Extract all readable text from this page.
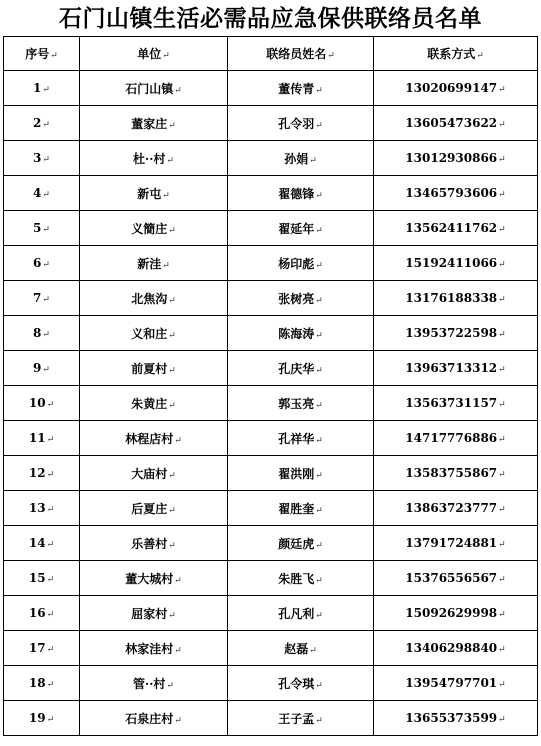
石门山镇生活必需品应急保供联络员名单
序号↵	单位↵	联络员姓名↵	联系方式↵
1↵	石门山镇↵	董传青↵	13020699147↵
2↵	董家庄↵	孔令羽↵	13605473622↵
3↵	杜··村↵	孙娟↵	13012930866↵
4↵	新屯↵	翟德锋↵	13465793606↵
5↵	义簡庄↵	翟延年↵	13562411762↵
6↵	新洼↵	杨印彪↵	15192411066↵
7↵	北焦沟↵	张树亮↵	13176188338↵
8↵	义和庄↵	陈海涛↵	13953722598↵
9↵	前夏村↵	孔庆华↵	13963713312↵
10↵	朱黄庄↵	郭玉亮↵	13563731157↵
11↵	林程店村↵	孔祥华↵	14717776886↵
12↵	大庙村↵	翟洪刚↵	13583755867↵
13↵	后夏庄↵	翟胜奎↵	13863723777↵
14↵	乐善村↵	颜廷虎↵	13791724881↵
15↵	董大城村↵	朱胜飞↵	15376556567↵
16↵	屈家村↵	孔凡利↵	15092629998↵
17↵	林家洼村↵	赵磊↵	13406298840↵
18↵	管··村↵	孔令琪↵	13954797701↵
19↵	石泉庄村↵	王子孟↵	13655373599↵
